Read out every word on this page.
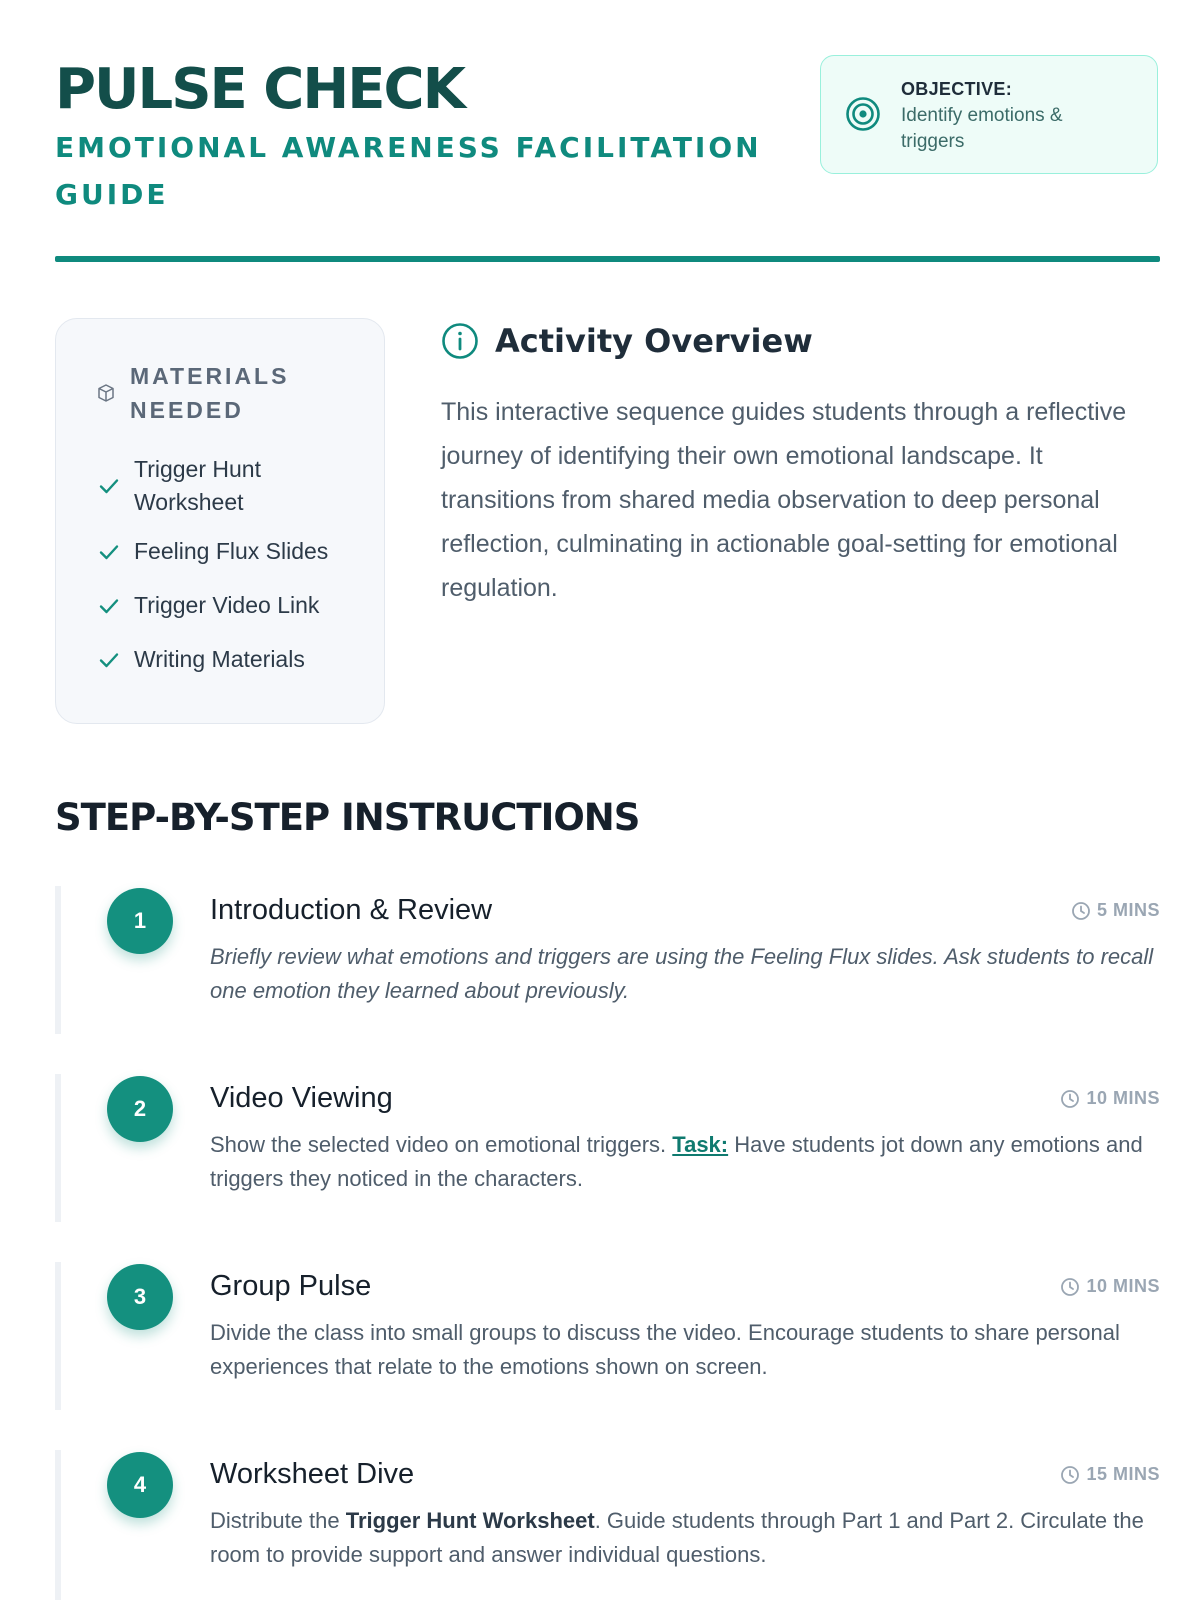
PULSE CHECK
EMOTIONAL AWARENESS FACILITATION GUIDE
OBJECTIVE:
Identify emotions & triggers
MATERIALS NEEDED
Trigger Hunt Worksheet
Feeling Flux Slides
Trigger Video Link
Writing Materials
Activity Overview
This interactive sequence guides students through a reflective journey of identifying their own emotional landscape. It transitions from shared media observation to deep personal reflection, culminating in actionable goal-setting for emotional regulation.
STEP-BY-STEP INSTRUCTIONS
1	Introduction & Review	5 MINS
Briefly review what emotions and triggers are using the Feeling Flux slides. Ask students to recall one emotion they learned about previously.
2	Video Viewing	10 MINS
Show the selected video on emotional triggers. Task: Have students jot down any emotions and triggers they noticed in the characters.
3	Group Pulse	10 MINS
Divide the class into small groups to discuss the video. Encourage students to share personal experiences that relate to the emotions shown on screen.
4	Worksheet Dive	15 MINS
Distribute the Trigger Hunt Worksheet. Guide students through Part 1 and Part 2. Circulate the room to provide support and answer individual questions.
